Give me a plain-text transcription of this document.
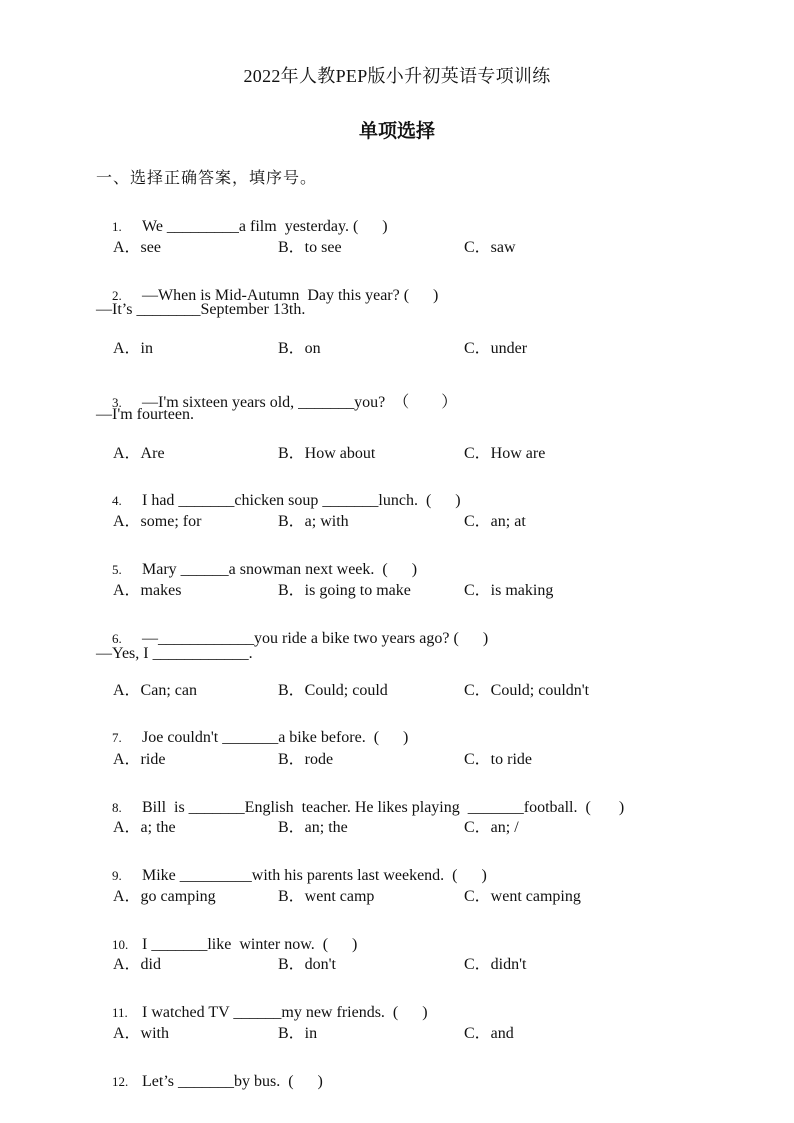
2022年人教PEP版小升初英语专项训练
单项选择
一、选择正确答案，填序号。

1. We _________a film  yesterday. (      )

A．see

	B．to see

	C．saw

2. —When is Mid-Autumn  Day this year? (      )

—It’s ________September 13th.

A．in

	B．on

	C．under

3. —I'm sixteen years old, _______you?  （        ）

—I'm fourteen.

A．Are

	B．How about

	C．How are

4. I had _______chicken soup _______lunch.  (      )

A．some; for

	B．a; with

	C．an; at

5. Mary ______a snowman next week.  (      )

A．makes

	B．is going to make

	C．is making

6. —____________you ride a bike two years ago? (      )

—Yes, I ____________.

A．Can; can

	B．Could; could

	C．Could; couldn't

7. Joe couldn't _______a bike before.  (      )

A．ride

	B．rode

	C．to ride

8. Bill  is _______English  teacher. He likes playing  _______football.  (       )

A．a; the

	B．an; the

	C．an; /

9. Mike _________with his parents last weekend.  (      )

A．go camping

	B．went camp

	C．went camping

10. I _______like  winter now.  (      )

A．did

	B．don't

	C．didn't

11. I watched TV ______my new friends.  (      )

A．with

	B．in

	C．and

12. Let’s _______by bus.  (      )
